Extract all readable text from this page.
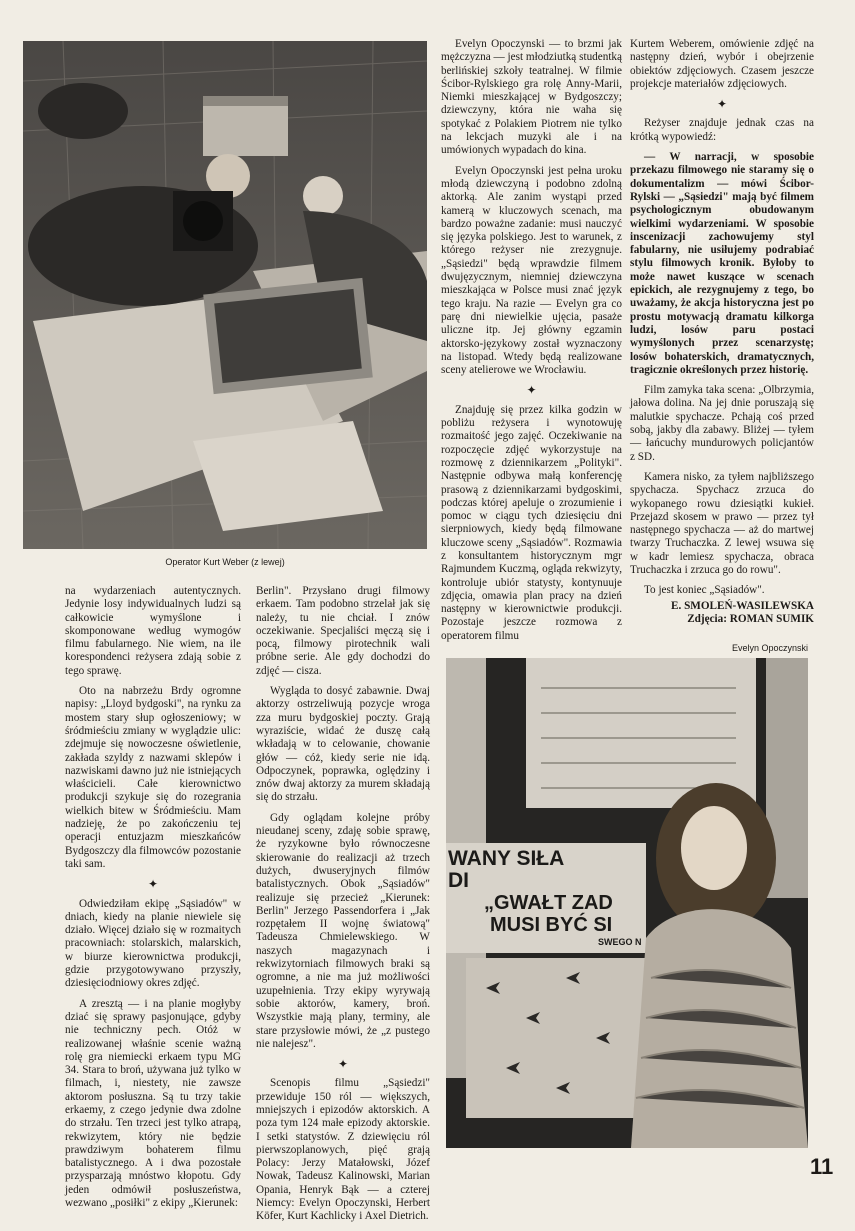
Operator Kurt Weber (z lewej)

Evelyn Opoczynski — to brzmi jak mężczyzna — jest młodziutką studentką berlińskiej szkoły teatralnej. W filmie Ścibor-Rylskiego gra rolę Anny-Marii, Niemki mieszkającej w Bydgoszczy; dziewczyny, która nie waha się spotykać z Polakiem Piotrem nie tylko na lekcjach muzyki ale i na umówionych wypadach do kina.

Evelyn Opoczynski jest pełna uroku młodą dziewczyną i podobno zdolną aktorką. Ale zanim wystąpi przed kamerą w kluczowych scenach, ma bardzo poważne zadanie: musi nauczyć się języka polskiego. Jest to warunek, z którego reżyser nie zrezygnuje. „Sąsiedzi" będą wprawdzie filmem dwujęzycznym, niemniej dziewczyna mieszkająca w Polsce musi znać język tego kraju. Na razie — Evelyn gra co parę dni niewielkie ujęcia, pasaże uliczne itp. Jej główny egzamin aktorsko-językowy został wyznaczony na listopad. Wtedy będą realizowane sceny atelierowe we Wrocławiu.

✦

Znajduję się przez kilka godzin w pobliżu reżysera i wynotowuję rozmaitość jego zajęć. Oczekiwanie na rozpoczęcie zdjęć wykorzystuje na rozmowę z dziennikarzem „Polityki". Następnie odbywa małą konferencję prasową z dziennikarzami bydgoskimi, podczas której apeluje o zrozumienie i pomoc w ciągu tych dziesięciu dni sierpniowych, kiedy będą filmowane kluczowe sceny „Sąsiadów". Rozmawia z konsultantem historycznym mgr Rajmundem Kuczmą, ogląda rekwizyty, kontroluje ubiór statysty, kontynuuje zdjęcia, omawia plan pracy na dzień następny w kierownictwie produkcji. Pozostaje jeszcze rozmowa z operatorem filmu

Kurtem Weberem, omówienie zdjęć na następny dzień, wybór i obejrzenie obiektów zdjęciowych. Czasem jeszcze projekcje materiałów zdjęciowych.

✦

Reżyser znajduje jednak czas na krótką wypowiedź:

— W narracji, w sposobie przekazu filmowego nie staramy się o dokumentalizm — mówi Ścibor-Rylski — „Sąsiedzi" mają być filmem psychologicznym obudowanym wielkimi wydarzeniami. W sposobie inscenizacji zachowujemy styl fabularny, nie usiłujemy podrabiać stylu filmowych kronik. Byłoby to może nawet kuszące w scenach epickich, ale rezygnujemy z tego, bo uważamy, że akcja historyczna jest po prostu motywacją dramatu kilkorga ludzi, losów paru postaci wymyślonych przez scenarzystę; losów bohaterskich, dramatycznych, tragicznie określonych przez historię.

Film zamyka taka scena: „Olbrzymia, jałowa dolina. Na jej dnie poruszają się malutkie spychacze. Pchają coś przed sobą, jakby dla zabawy. Bliżej — tyłem — łańcuchy mundurowych policjantów z SD.

Kamera nisko, za tyłem najbliższego spychacza. Spychacz zrzuca do wykopanego rowu dziesiątki kukieł. Przejazd skosem w prawo — przez tył następnego spychacza — aż do martwej twarzy Truchaczka. Z lewej wsuwa się w kadr lemiesz spychacza, obraca Truchaczka i zrzuca go do rowu".

To jest koniec „Sąsiadów".

E. SMOLEŃ-WASILEWSKA

Zdjęcia: ROMAN SUMIK

na wydarzeniach autentycznych. Jedynie losy indywidualnych ludzi są całkowicie wymyślone i skomponowane według wymogów filmu fabularnego. Nie wiem, na ile korespondenci reżysera zdają sobie z tego sprawę.

Oto na nabrzeżu Brdy ogromne napisy: „Lloyd bydgoski", na rynku za mostem stary słup ogłoszeniowy; w śródmieściu zmiany w wyglądzie ulic: zdejmuje się nowoczesne oświetlenie, zakłada szyldy z nazwami sklepów i nazwiskami dawno już nie istniejących właścicieli. Całe kierownictwo produkcji szykuje się do rozegrania wielkich bitew w Śródmieściu. Mam nadzieję, że po zakończeniu tej operacji entuzjazm mieszkańców Bydgoszczy dla filmowców pozostanie taki sam.

✦

Odwiedziłam ekipę „Sąsiadów" w dniach, kiedy na planie niewiele się działo. Więcej działo się w rozmaitych pracowniach: stolarskich, malarskich, w biurze kierownictwa produkcji, gdzie przygotowywano przyszły, dziesięciodniowy okres zdjęć.

A zresztą — i na planie mogłyby dziać się sprawy pasjonujące, gdyby nie techniczny pech. Otóż w realizowanej właśnie scenie ważną rolę gra niemiecki erkaem typu MG 34. Stara to broń, używana już tylko w filmach, i, niestety, nie zawsze aktorom posłuszna. Są tu trzy takie erkaemy, z czego jedynie dwa zdolne do strzału. Ten trzeci jest tylko atrapą, rekwizytem, który nie będzie prawdziwym bohaterem filmu batalistycznego. A i dwa pozostałe przysparzają mnóstwo kłopotu. Gdy jeden odmówił posłuszeństwa, wezwano „posiłki" z ekipy „Kierunek:

Berlin". Przysłano drugi filmowy erkaem. Tam podobno strzelał jak się należy, tu nie chciał. I znów oczekiwanie. Specjaliści męczą się i pocą, filmowy pirotechnik wali próbne serie. Ale gdy dochodzi do zdjęć — cisza.

Wygląda to dosyć zabawnie. Dwaj aktorzy ostrzeliwują pozycje wroga zza muru bydgoskiej poczty. Grają wyraziście, widać że duszę całą wkładają w to celowanie, chowanie głów — cóż, kiedy serie nie idą. Odpoczynek, poprawka, oględziny i znów dwaj aktorzy za murem składają się do strzału.

Gdy oglądam kolejne próby nieudanej sceny, zdaję sobie sprawę, że ryzykowne było równoczesne skierowanie do realizacji aż trzech dużych, dwuseryjnych filmów batalistycznych. Obok „Sąsiadów" realizuje się przecież „Kierunek: Berlin" Jerzego Passendorfera i „Jak rozpętałem II wojnę światową" Tadeusza Chmielewskiego. W naszych magazynach i rekwizytorniach filmowych braki są ogromne, a nie ma już możliwości uzupełnienia. Trzy ekipy wyrywają sobie aktorów, kamery, broń. Wszystkie mają plany, terminy, ale stare przysłowie mówi, że „z pustego nie nalejesz".

✦

Scenopis filmu „Sąsiedzi" przewiduje 150 ról — większych, mniejszych i epizodów aktorskich. A poza tym 124 małe epizody aktorskie. I setki statystów. Z dziewięciu ról pierwszoplanowych, pięć grają Polacy: Jerzy Matałowski, Józef Nowak, Tadeusz Kalinowski, Marian Opania, Henryk Bąk — a czterej Niemcy: Evelyn Opoczynski, Herbert Köfer, Kurt Kachlicky i Axel Dietrich.

Evelyn Opoczynski
WANY SIŁA
DI
„GWAŁT ZAD
MUSI BYĆ SI
SWEGO N
11
